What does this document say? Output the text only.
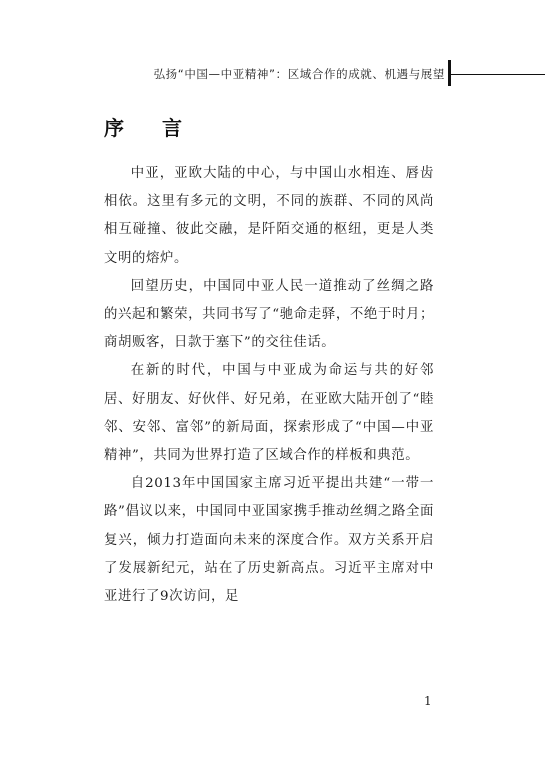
弘扬“中国—中亚精神”：区域合作的成就、机遇与展望
序　言

中亚，亚欧大陆的中心，与中国山水相连、唇齿相依。这里有多元的文明，不同的族群、不同的风尚相互碰撞、彼此交融，是阡陌交通的枢纽，更是人类文明的熔炉。

回望历史，中国同中亚人民一道推动了丝绸之路的兴起和繁荣，共同书写了“驰命走驿，不绝于时月；商胡贩客，日款于塞下”的交往佳话。

在新的时代，中国与中亚成为命运与共的好邻居、好朋友、好伙伴、好兄弟，在亚欧大陆开创了“睦邻、安邻、富邻”的新局面，探索形成了“中国—中亚精神”，共同为世界打造了区域合作的样板和典范。

自2013年中国国家主席习近平提出共建“一带一路”倡议以来，中国同中亚国家携手推动丝绸之路全面复兴，倾力打造面向未来的深度合作。双方关系开启了发展新纪元，站在了历史新高点。习近平主席对中亚进行了9次访问，足

1
